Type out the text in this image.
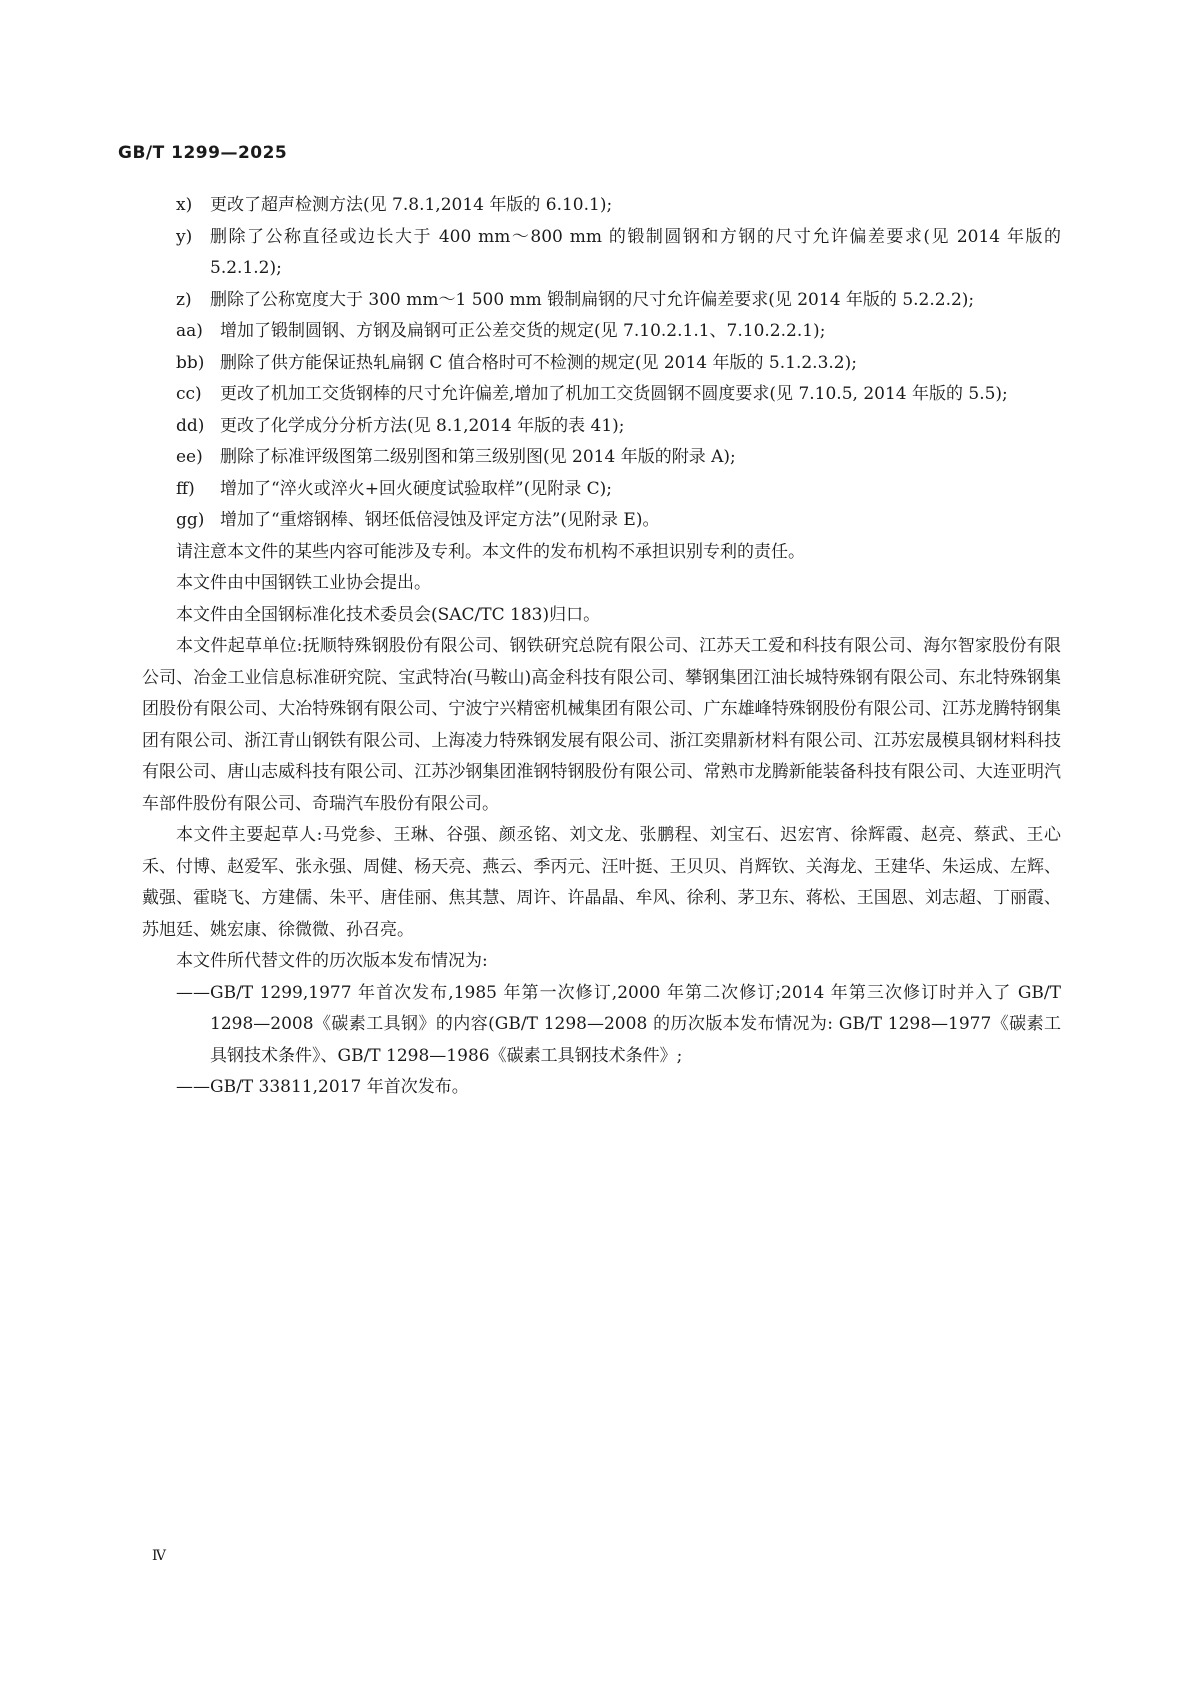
GB/T 1299—2025
x) 更改了超声检测方法(见 7.8.1,2014 年版的 6.10.1);
y) 删除了公称直径或边长大于 400 mm～800 mm 的锻制圆钢和方钢的尺寸允许偏差要求(见 2014 年版的 5.2.1.2);
z) 删除了公称宽度大于 300 mm～1 500 mm 锻制扁钢的尺寸允许偏差要求(见 2014 年版的 5.2.2.2);
aa) 增加了锻制圆钢、方钢及扁钢可正公差交货的规定(见 7.10.2.1.1、7.10.2.2.1);
bb) 删除了供方能保证热轧扁钢 C 值合格时可不检测的规定(见 2014 年版的 5.1.2.3.2);
cc) 更改了机加工交货钢棒的尺寸允许偏差,增加了机加工交货圆钢不圆度要求(见 7.10.5, 2014 年版的 5.5);
dd) 更改了化学成分分析方法(见 8.1,2014 年版的表 41);
ee) 删除了标准评级图第二级别图和第三级别图(见 2014 年版的附录 A);
ff) 增加了“淬火或淬火+回火硬度试验取样”(见附录 C);
gg) 增加了“重熔钢棒、钢坯低倍浸蚀及评定方法”(见附录 E)。
请注意本文件的某些内容可能涉及专利。本文件的发布机构不承担识别专利的责任。
本文件由中国钢铁工业协会提出。
本文件由全国钢标准化技术委员会(SAC/TC 183)归口。
本文件起草单位:抚顺特殊钢股份有限公司、钢铁研究总院有限公司、江苏天工爱和科技有限公司、海尔智家股份有限公司、冶金工业信息标准研究院、宝武特冶(马鞍山)高金科技有限公司、攀钢集团江油长城特殊钢有限公司、东北特殊钢集团股份有限公司、大冶特殊钢有限公司、宁波宁兴精密机械集团有限公司、广东雄峰特殊钢股份有限公司、江苏龙腾特钢集团有限公司、浙江青山钢铁有限公司、上海凌力特殊钢发展有限公司、浙江奕鼎新材料有限公司、江苏宏晟模具钢材料科技有限公司、唐山志威科技有限公司、江苏沙钢集团淮钢特钢股份有限公司、常熟市龙腾新能装备科技有限公司、大连亚明汽车部件股份有限公司、奇瑞汽车股份有限公司。
本文件主要起草人:马党参、王琳、谷强、颜丞铭、刘文龙、张鹏程、刘宝石、迟宏宵、徐辉霞、赵亮、蔡武、王心禾、付博、赵爱军、张永强、周健、杨天亮、燕云、季丙元、汪叶挺、王贝贝、肖辉钦、关海龙、王建华、朱运成、左辉、戴强、霍晓飞、方建儒、朱平、唐佳丽、焦其慧、周许、许晶晶、牟风、徐利、茅卫东、蒋松、王国恩、刘志超、丁丽霞、苏旭廷、姚宏康、徐微微、孙召亮。
本文件所代替文件的历次版本发布情况为:
——GB/T 1299,1977 年首次发布,1985 年第一次修订,2000 年第二次修订;2014 年第三次修订时并入了 GB/T 1298—2008《碳素工具钢》的内容(GB/T 1298—2008 的历次版本发布情况为: GB/T 1298—1977《碳素工具钢技术条件》、GB/T 1298—1986《碳素工具钢技术条件》;
——GB/T 33811,2017 年首次发布。
Ⅳ
